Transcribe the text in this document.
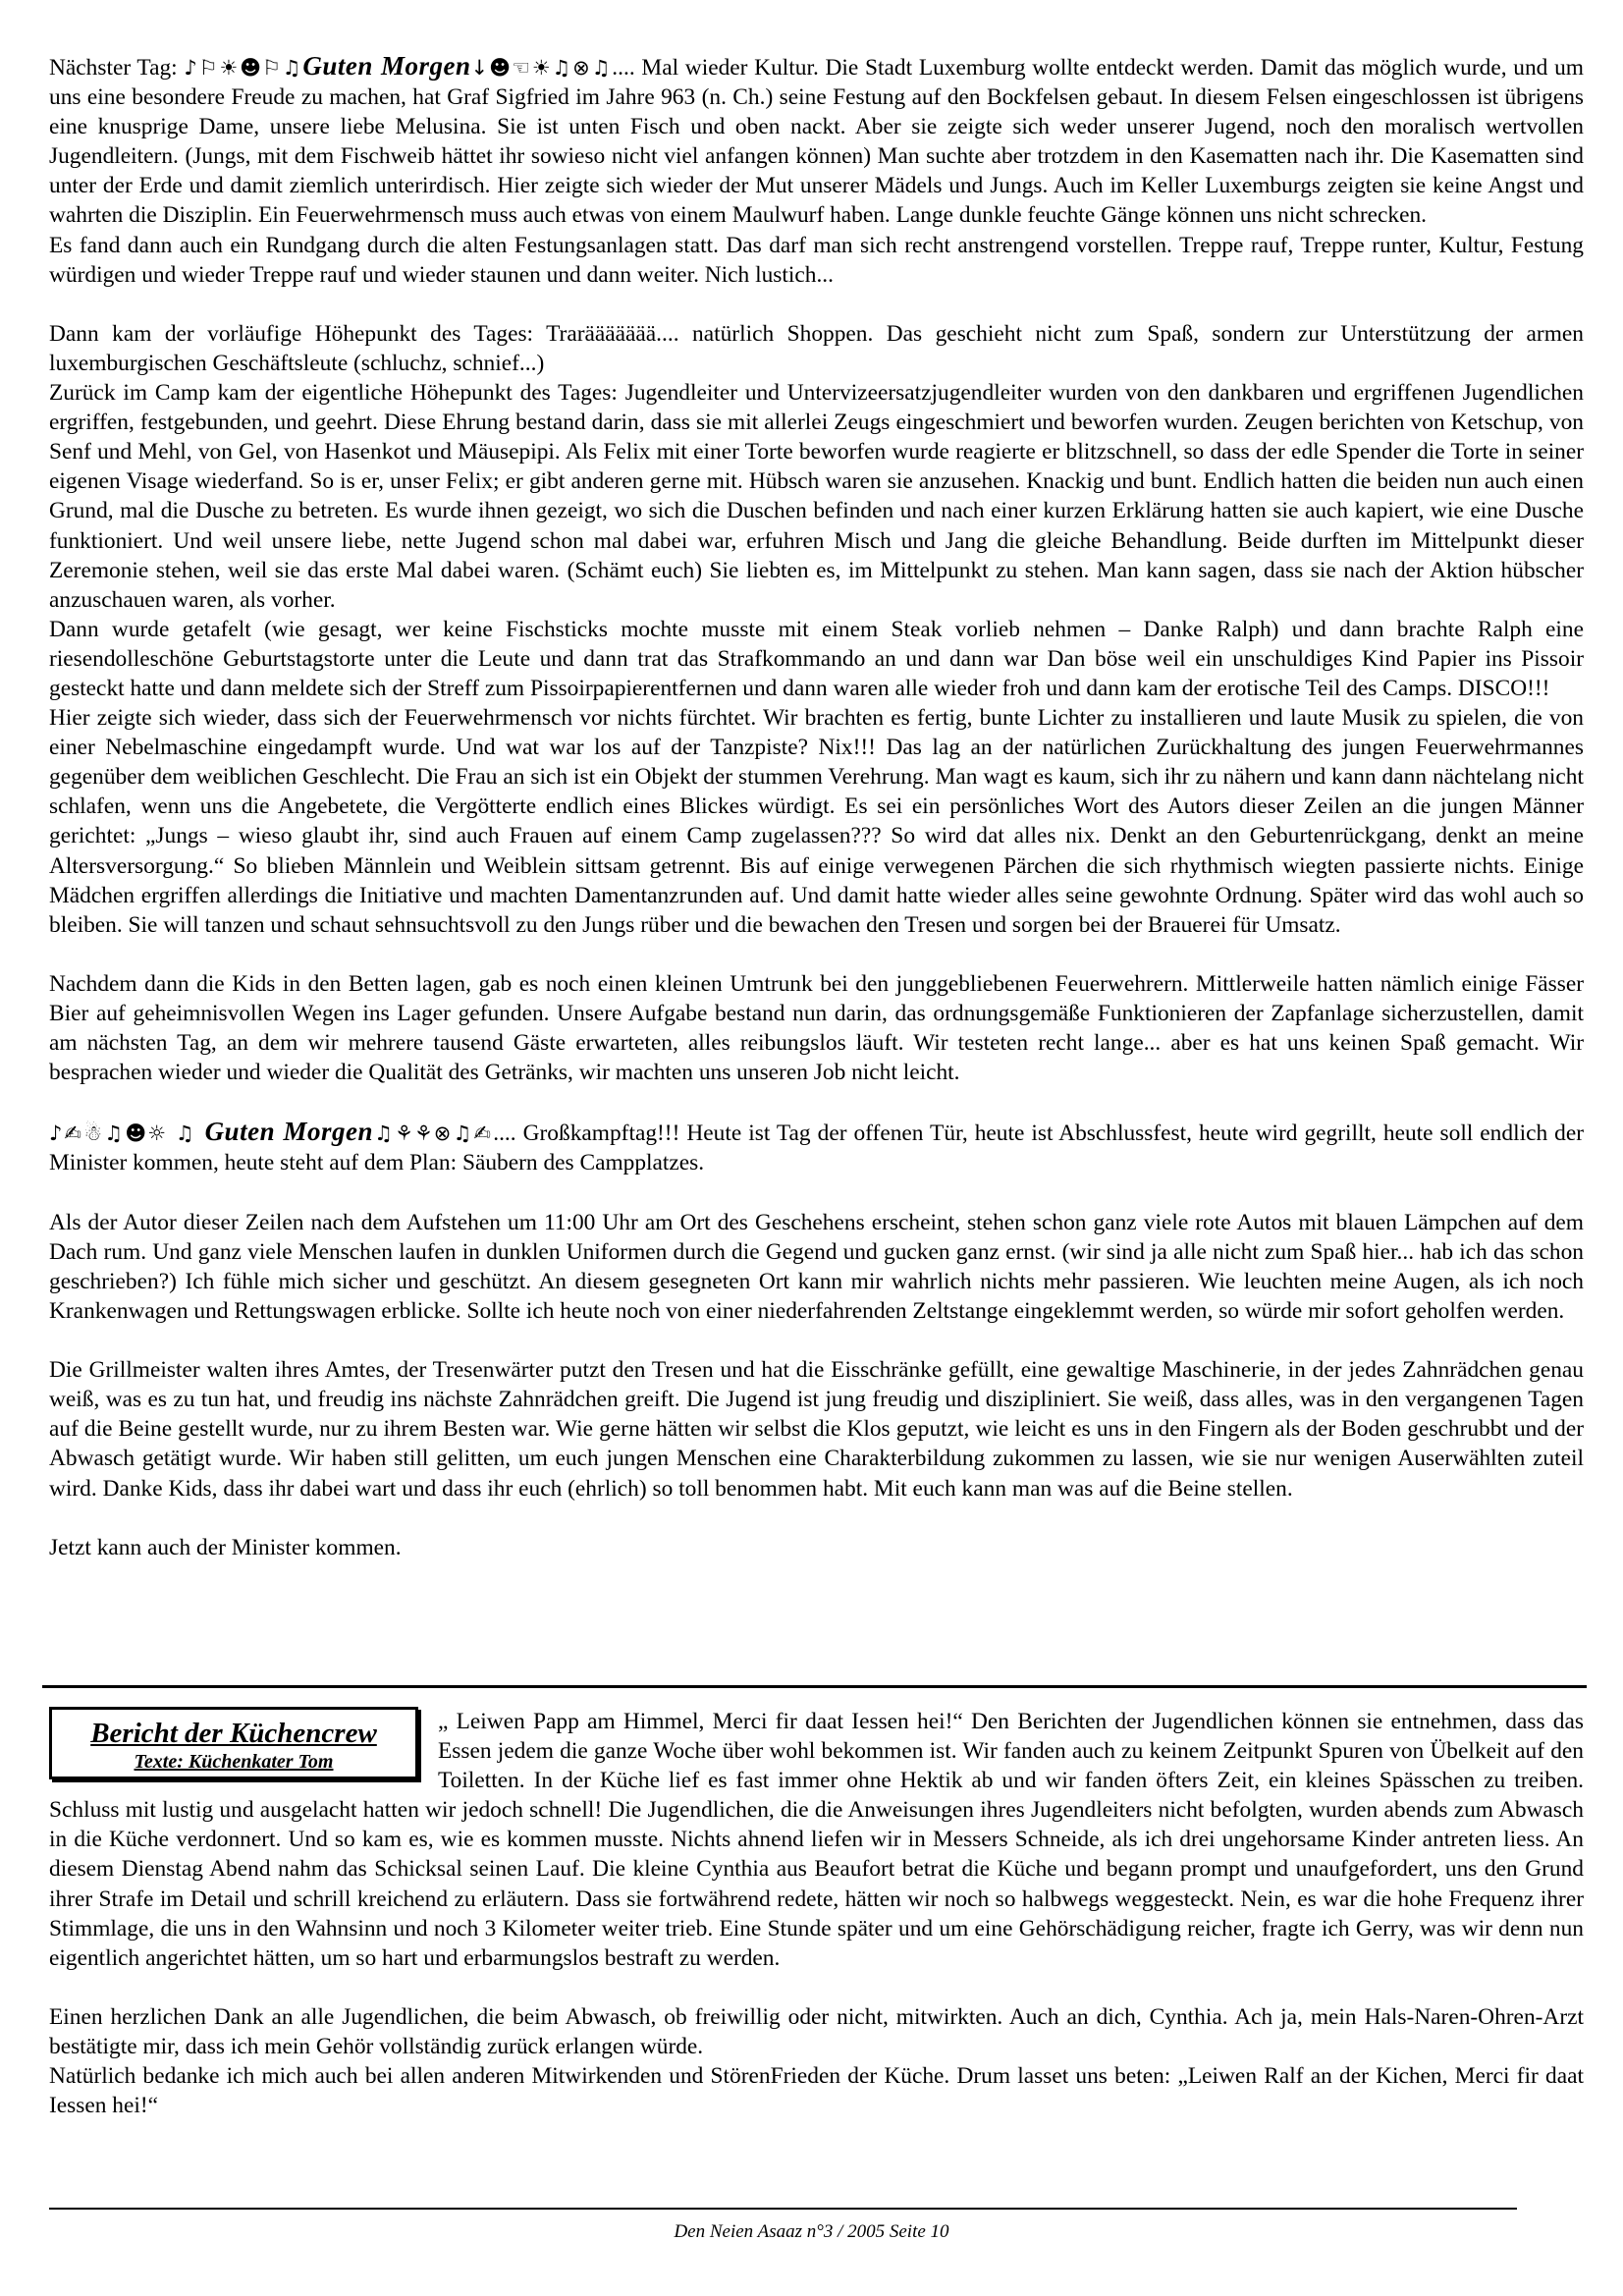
Nächster Tag: ♪⚐☀☻⚐♫Guten Morgen↓☻☜☀♫⊗♫.... Mal wieder Kultur. Die Stadt Luxemburg wollte entdeckt werden. Damit das möglich wurde, und um uns eine besondere Freude zu machen, hat Graf Sigfried im Jahre 963 (n. Ch.) seine Festung auf den Bockfelsen gebaut. In diesem Felsen eingeschlossen ist übrigens eine knusprige Dame, unsere liebe Melusina. Sie ist unten Fisch und oben nackt. Aber sie zeigte sich weder unserer Jugend, noch den moralisch wertvollen Jugendleitern. (Jungs, mit dem Fischweib hättet ihr sowieso nicht viel anfangen können) Man suchte aber trotzdem in den Kasematten nach ihr. Die Kasematten sind unter der Erde und damit ziemlich unterirdisch. Hier zeigte sich wieder der Mut unserer Mädels und Jungs. Auch im Keller Luxemburgs zeigten sie keine Angst und wahrten die Disziplin. Ein Feuerwehrmensch muss auch etwas von einem Maulwurf haben. Lange dunkle feuchte Gänge können uns nicht schrecken.

Es fand dann auch ein Rundgang durch die alten Festungsanlagen statt. Das darf man sich recht anstrengend vorstellen. Treppe rauf, Treppe runter, Kultur, Festung würdigen und wieder Treppe rauf und wieder staunen und dann weiter. Nich lustich...

Dann kam der vorläufige Höhepunkt des Tages: Traräääääää.... natürlich Shoppen. Das geschieht nicht zum Spaß, sondern zur Unterstützung der armen luxemburgischen Geschäftsleute (schluchz, schnief...)

Zurück im Camp kam der eigentliche Höhepunkt des Tages: Jugendleiter und Untervizeersatzjugendleiter wurden von den dankbaren und ergriffenen Jugendlichen ergriffen, festgebunden, und geehrt. Diese Ehrung bestand darin, dass sie mit allerlei Zeugs eingeschmiert und beworfen wurden. Zeugen berichten von Ketschup, von Senf und Mehl, von Gel, von Hasenkot und Mäusepipi. Als Felix mit einer Torte beworfen wurde reagierte er blitzschnell, so dass der edle Spender die Torte in seiner eigenen Visage wiederfand. So is er, unser Felix; er gibt anderen gerne mit. Hübsch waren sie anzusehen. Knackig und bunt. Endlich hatten die beiden nun auch einen Grund, mal die Dusche zu betreten. Es wurde ihnen gezeigt, wo sich die Duschen befinden und nach einer kurzen Erklärung hatten sie auch kapiert, wie eine Dusche funktioniert. Und weil unsere liebe, nette Jugend schon mal dabei war, erfuhren Misch und Jang die gleiche Behandlung. Beide durften im Mittelpunkt dieser Zeremonie stehen, weil sie das erste Mal dabei waren. (Schämt euch) Sie liebten es, im Mittelpunkt zu stehen. Man kann sagen, dass sie nach der Aktion hübscher anzuschauen waren, als vorher.

Dann wurde getafelt (wie gesagt, wer keine Fischsticks mochte musste mit einem Steak vorlieb nehmen – Danke Ralph) und dann brachte Ralph eine riesendolleschöne Geburtstagstorte unter die Leute und dann trat das Strafkommando an und dann war Dan böse weil ein unschuldiges Kind Papier ins Pissoir gesteckt hatte und dann meldete sich der Streff zum Pissoirpapierentfernen und dann waren alle wieder froh und dann kam der erotische Teil des Camps. DISCO!!!

Hier zeigte sich wieder, dass sich der Feuerwehrmensch vor nichts fürchtet. Wir brachten es fertig, bunte Lichter zu installieren und laute Musik zu spielen, die von einer Nebelmaschine eingedampft wurde. Und wat war los auf der Tanzpiste? Nix!!! Das lag an der natürlichen Zurückhaltung des jungen Feuerwehrmannes gegenüber dem weiblichen Geschlecht. Die Frau an sich ist ein Objekt der stummen Verehrung. Man wagt es kaum, sich ihr zu nähern und kann dann nächtelang nicht schlafen, wenn uns die Angebetete, die Vergötterte endlich eines Blickes würdigt. Es sei ein persönliches Wort des Autors dieser Zeilen an die jungen Männer gerichtet: „Jungs – wieso glaubt ihr, sind auch Frauen auf einem Camp zugelassen??? So wird dat alles nix. Denkt an den Geburtenrückgang, denkt an meine Altersversorgung.“ So blieben Männlein und Weiblein sittsam getrennt. Bis auf einige verwegenen Pärchen die sich rhythmisch wiegten passierte nichts. Einige Mädchen ergriffen allerdings die Initiative und machten Damentanzrunden auf. Und damit hatte wieder alles seine gewohnte Ordnung. Später wird das wohl auch so bleiben. Sie will tanzen und schaut sehnsuchtsvoll zu den Jungs rüber und die bewachen den Tresen und sorgen bei der Brauerei für Umsatz.

Nachdem dann die Kids in den Betten lagen, gab es noch einen kleinen Umtrunk bei den junggebliebenen Feuerwehrern. Mittlerweile hatten nämlich einige Fässer Bier auf geheimnisvollen Wegen ins Lager gefunden. Unsere Aufgabe bestand nun darin, das ordnungsgemäße Funktionieren der Zapfanlage sicherzustellen, damit am nächsten Tag, an dem wir mehrere tausend Gäste erwarteten, alles reibungslos läuft. Wir testeten recht lange... aber es hat uns keinen Spaß gemacht. Wir besprachen wieder und wieder die Qualität des Getränks, wir machten uns unseren Job nicht leicht.

♪✍☃♫☻☼ ♫ Guten Morgen♫⚘⚘⊗♫✍.... Großkampftag!!! Heute ist Tag der offenen Tür, heute ist Abschlussfest, heute wird gegrillt, heute soll endlich der Minister kommen, heute steht auf dem Plan: Säubern des Campplatzes.

Als der Autor dieser Zeilen nach dem Aufstehen um 11:00 Uhr am Ort des Geschehens erscheint, stehen schon ganz viele rote Autos mit blauen Lämpchen auf dem Dach rum. Und ganz viele Menschen laufen in dunklen Uniformen durch die Gegend und gucken ganz ernst. (wir sind ja alle nicht zum Spaß hier... hab ich das schon geschrieben?) Ich fühle mich sicher und geschützt. An diesem gesegneten Ort kann mir wahrlich nichts mehr passieren. Wie leuchten meine Augen, als ich noch Krankenwagen und Rettungswagen erblicke. Sollte ich heute noch von einer niederfahrenden Zeltstange eingeklemmt werden, so würde mir sofort geholfen werden.

Die Grillmeister walten ihres Amtes, der Tresenwärter putzt den Tresen und hat die Eisschränke gefüllt, eine gewaltige Maschinerie, in der jedes Zahnrädchen genau weiß, was es zu tun hat, und freudig ins nächste Zahnrädchen greift. Die Jugend ist jung freudig und diszipliniert. Sie weiß, dass alles, was in den vergangenen Tagen auf die Beine gestellt wurde, nur zu ihrem Besten war. Wie gerne hätten wir selbst die Klos geputzt, wie leicht es uns in den Fingern als der Boden geschrubbt und der Abwasch getätigt wurde. Wir haben still gelitten, um euch jungen Menschen eine Charakterbildung zukommen zu lassen, wie sie nur wenigen Auserwählten zuteil wird. Danke Kids, dass ihr dabei wart und dass ihr euch (ehrlich) so toll benommen habt. Mit euch kann man was auf die Beine stellen.

Jetzt kann auch der Minister kommen.

Bericht der Küchencrew
Texte: Küchenkater Tom

„ Leiwen Papp am Himmel, Merci fir daat Iessen hei!“ Den Berichten der Jugendlichen können sie entnehmen, dass das Essen jedem die ganze Woche über wohl bekommen ist. Wir fanden auch zu keinem Zeitpunkt Spuren von Übelkeit auf den Toiletten. In der Küche lief es fast immer ohne Hektik ab und wir fanden öfters Zeit, ein kleines Spässchen zu treiben. Schluss mit lustig und ausgelacht hatten wir jedoch schnell! Die Jugendlichen, die die Anweisungen ihres Jugendleiters nicht befolgten, wurden abends zum Abwasch in die Küche verdonnert. Und so kam es, wie es kommen musste. Nichts ahnend liefen wir in Messers Schneide, als ich drei ungehorsame Kinder antreten liess. An diesem Dienstag Abend nahm das Schicksal seinen Lauf. Die kleine Cynthia aus Beaufort betrat die Küche und begann prompt und unaufgefordert, uns den Grund ihrer Strafe im Detail und schrill kreichend zu erläutern. Dass sie fortwährend redete, hätten wir noch so halbwegs weggesteckt. Nein, es war die hohe Frequenz ihrer Stimmlage, die uns in den Wahnsinn und noch 3 Kilometer weiter trieb. Eine Stunde später und um eine Gehörschädigung reicher, fragte ich Gerry, was wir denn nun eigentlich angerichtet hätten, um so hart und erbarmungslos bestraft zu werden.

Einen herzlichen Dank an alle Jugendlichen, die beim Abwasch, ob freiwillig oder nicht, mitwirkten. Auch an dich, Cynthia. Ach ja, mein Hals-Naren-Ohren-Arzt bestätigte mir, dass ich mein Gehör vollständig zurück erlangen würde.

Natürlich bedanke ich mich auch bei allen anderen Mitwirkenden und StörenFrieden der Küche. Drum lasset uns beten: „Leiwen Ralf an der Kichen, Merci fir daat Iessen hei!“

Den Neien Asaaz n°3 / 2005 Seite 10
